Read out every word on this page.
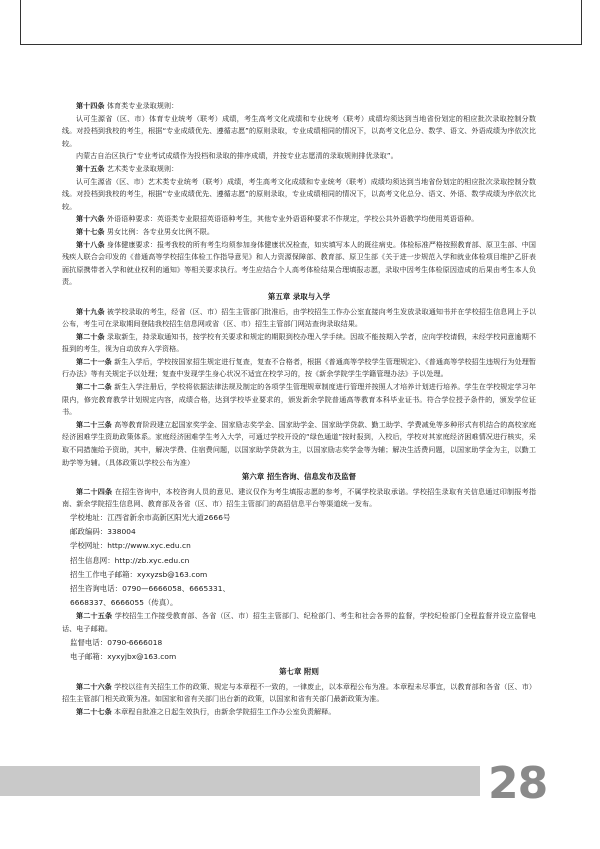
第十四条 体育类专业录取规则：

认可生源省（区、市）体育专业统考（联考）成绩，考生高考文化成绩和专业统考（联考）成绩均须达到当地省份划定的相应批次录取控制分数线。对投档到我校的考生，根据“专业成绩优先、遵循志愿”的原则录取，专业成绩相同的情况下，以高考文化总分、数学、语文、外语成绩为序依次比较。

内蒙古自治区执行“专业考试成绩作为投档和录取的排序成绩，并按专业志愿清的录取规则排优录取”。

第十五条 艺术类专业录取规则：

认可生源省（区、市）艺术类专业统考（联考）成绩，考生高考文化成绩和专业统考（联考）成绩均须达到当地省份划定的相应批次录取控制分数线。对投档到我校的考生，根据“专业成绩优先、遵循志愿”的原则录取，专业成绩相同的情况下，以高考文化总分、语文、外语、数学成绩为序依次比较。

第十六条 外语语种要求：英语类专业限招英语语种考生，其他专业外语语种要求不作规定，学校公共外语教学均使用英语语种。

第十七条 男女比例：各专业男女比例不限。

第十八条 身体健康要求：报考我校的所有考生均须参加身体健康状况检查，如实填写本人的既往病史。体检标准严格按照教育部、原卫生部、中国残疾人联合会印发的《普通高等学校招生体检工作指导意见》和人力资源保障部、教育部、原卫生部《关于进一步规范入学和就业体检项目维护乙肝表面抗原携带者入学和就业权利的通知》等相关要求执行。考生应结合个人高考体检结果合理填报志愿，录取中因考生体检原因造成的后果由考生本人负责。

第五章 录取与入学

第十九条 被学校录取的考生，经省（区、市）招生主管部门批准后，由学校招生工作办公室直接向考生发放录取通知书并在学校招生信息网上予以公布，考生可在录取期间登陆我校招生信息网或省（区、市）招生主管部门网站查询录取结果。

第二十条 录取新生，持录取通知书，按学校有关要求和规定的期限到校办理入学手续。因故不能按期入学者，应向学校请假，未经学校同意逾期不报到的考生，视为自动放弃入学资格。

第二十一条 新生入学后，学校按国家招生规定进行复查，复查不合格者，根据《普通高等学校学生管理规定》、《普通高等学校招生违规行为处理暂行办法》等有关规定予以处理；复查中发现学生身心状况不适宜在校学习的，按《新余学院学生学籍管理办法》予以处理。

第二十二条 新生入学注册后，学校将依据法律法规及制定的各项学生管理规章制度进行管理并按照人才培养计划进行培养。学生在学校规定学习年限内，修完教育教学计划规定内容，成绩合格，达到学校毕业要求的，颁发新余学院普通高等教育本科毕业证书。符合学位授予条件的，颁发学位证书。

第二十三条 高等教育阶段建立起国家奖学金、国家励志奖学金、国家助学金、国家助学贷款、勤工助学、学费减免等多种形式有机结合的高校家庭经济困难学生资助政策体系。家庭经济困难学生考入大学，可通过学校开设的“绿色通道”按时报到，入校后，学校对其家庭经济困难情况进行核实，采取不同措施给予资助，其中，解决学费、住宿费问题，以国家助学贷款为主，以国家励志奖学金等为辅；解决生活费问题，以国家助学金为主，以勤工助学等为辅。（具体政策以学校公布为准）

第六章 招生咨询、信息发布及监督

第二十四条 在招生咨询中，本校咨询人员的意见、建议仅作为考生填报志愿的参考，不属学校录取承诺。学校招生录取有关信息通过印制报考指南、新余学院招生信息网、教育部及各省（区、市）招生主管部门的高招信息平台等渠道统一发布。

学校地址：江西省新余市高新区阳光大道2666号

邮政编码：338004

学校网址：http://www.xyc.edu.cn

招生信息网：http://zb.xyc.edu.cn

招生工作电子邮箱：xyxyzsb@163.com

招生咨询电话：0790—6666058、6665331、

6668337、6666055（传真）。

第二十五条 学校招生工作接受教育部、各省（区、市）招生主管部门、纪检部门、考生和社会各界的监督，学校纪检部门全程监督并设立监督电话、电子邮箱。

监督电话：0790-6666018

电子邮箱：xyxyjbx@163.com

第七章 附则

第二十六条 学校以往有关招生工作的政策、规定与本章程不一致的，一律废止，以本章程公布为准。本章程未尽事宜，以教育部和各省（区、市）招生主管部门相关政策为准。如国家和省有关部门出台新的政策，以国家和省有关部门最新政策为准。

第二十七条 本章程自批准之日起生效执行，由新余学院招生工作办公室负责解释。

28
